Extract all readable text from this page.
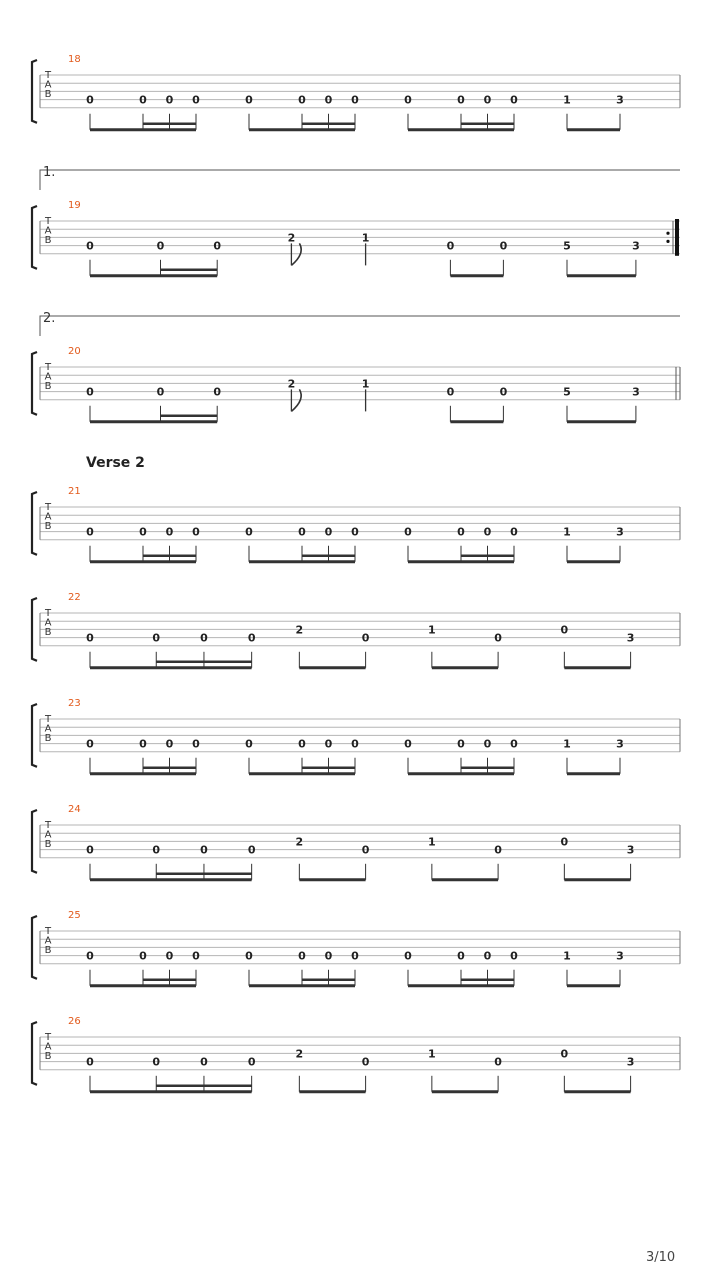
18
T
A
B	0	0 0 0	0	0 0 0	0	0 0 0	1	3
1.
19
T
A
B	0	0	0
2	1
0	0	5	3
2.
20
T
A
B	0	0	0
2	1
0	0	5	3
Verse 2
21
T
A
B	0	0 0 0	0	0 0 0	0	0 0 0	1	3
22
T
A
B	0	0	0	0
2
0
1
0
0
3
23
T
A
B	0	0 0 0	0	0 0 0	0	0 0 0	1	3
24
T
A
B	0	0	0	0
2
0
1
0
0
3
25
T
A
B	0	0 0 0	0	0 0 0	0	0 0 0	1	3
26
T
A
B	0	0	0	0
2
0
1
0
0
3
3/10
